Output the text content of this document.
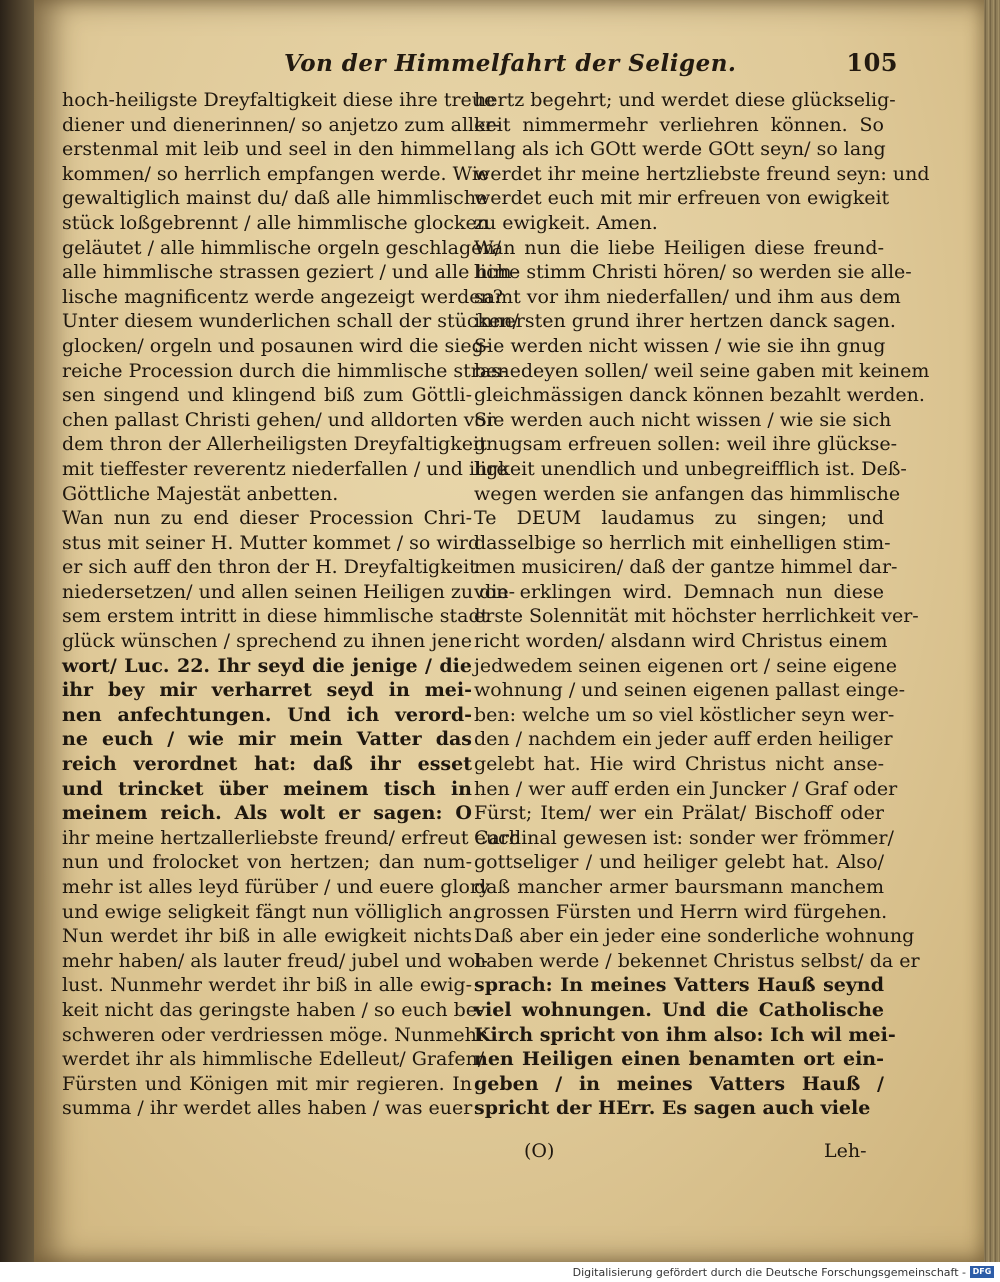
Von der Himmelfahrt der Seligen.	105
hoch-heiligste Dreyfaltigkeit diese ihre treue
diener und dienerinnen/ so anjetzo zum aller-
erstenmal mit leib und seel in den himmel
kommen/ so herrlich empfangen werde. Wie
gewaltiglich mainst du/ daß alle himmlische
stück loßgebrennt / alle himmlische glocken
geläutet / alle himmlische orgeln geschlagen/
alle himmlische strassen geziert / und alle him-
lische magnificentz werde angezeigt werden?
Unter diesem wunderlichen schall der stücken/
glocken/ orgeln und posaunen wird die sieg-
reiche Procession durch die himmlische stras-
sen singend und klingend biß zum Göttli-
chen pallast Christi gehen/ und alldorten vor
dem thron der Allerheiligsten Dreyfaltigkeit
mit tieffester reverentz niederfallen / und ihre
Göttliche Majestät anbetten.
Wan nun zu end dieser Procession Chri-
stus mit seiner H. Mutter kommet / so wird
er sich auff den thron der H. Dreyfaltigkeit
niedersetzen/ und allen seinen Heiligen zu die-
sem erstem intritt in diese himmlische stadt
glück wünschen / sprechend zu ihnen jene
wort/ Luc. 22. Ihr seyd die jenige / die
ihr bey mir verharret seyd in mei-
nen anfechtungen. Und ich verord-
ne euch / wie mir mein Vatter das
reich verordnet hat: daß ihr esset
und trincket über meinem tisch in
meinem reich. Als wolt er sagen: O
ihr meine hertzallerliebste freund/ erfreut euch
nun und frolocket von hertzen; dan num-
mehr ist alles leyd fürüber / und euere glory
und ewige seligkeit fängt nun völliglich an.
Nun werdet ihr biß in alle ewigkeit nichts
mehr haben/ als lauter freud/ jubel und wol-
lust. Nunmehr werdet ihr biß in alle ewig-
keit nicht das geringste haben / so euch be-
schweren oder verdriessen möge. Nunmehr
werdet ihr als himmlische Edelleut/ Grafen/
Fürsten und Königen mit mir regieren. In
summa / ihr werdet alles haben / was euer
hertz begehrt; und werdet diese glückselig-
keit nimmermehr verliehren können. So
lang als ich GOtt werde GOtt seyn/ so lang
werdet ihr meine hertzliebste freund seyn: und
werdet euch mit mir erfreuen von ewigkeit
zu ewigkeit. Amen.
Wan nun die liebe Heiligen diese freund-
liche stimm Christi hören/ so werden sie alle-
samt vor ihm niederfallen/ und ihm aus dem
innersten grund ihrer hertzen danck sagen.
Sie werden nicht wissen / wie sie ihn gnug
benedeyen sollen/ weil seine gaben mit keinem
gleichmässigen danck können bezahlt werden.
Sie werden auch nicht wissen / wie sie sich
gnugsam erfreuen sollen: weil ihre glückse-
ligkeit unendlich und unbegreifflich ist. Deß-
wegen werden sie anfangen das himmlische
Te DEUM laudamus zu singen; und
dasselbige so herrlich mit einhelligen stim-
men musiciren/ daß der gantze himmel dar-
von erklingen wird. Demnach nun diese
erste Solennität mit höchster herrlichkeit ver-
richt worden/ alsdann wird Christus einem
jedwedem seinen eigenen ort / seine eigene
wohnung / und seinen eigenen pallast einge-
ben: welche um so viel köstlicher seyn wer-
den / nachdem ein jeder auff erden heiliger
gelebt hat. Hie wird Christus nicht anse-
hen / wer auff erden ein Juncker / Graf oder
Fürst; Item/ wer ein Prälat/ Bischoff oder
Cardinal gewesen ist: sonder wer frömmer/
gottseliger / und heiliger gelebt hat. Also/
daß mancher armer baursmann manchem
grossen Fürsten und Herrn wird fürgehen.
Daß aber ein jeder eine sonderliche wohnung
haben werde / bekennet Christus selbst/ da er
sprach: In meines Vatters Hauß seynd
viel wohnungen. Und die Catholische
Kirch spricht von ihm also: Ich wil mei-
nen Heiligen einen benamten ort ein-
geben / in meines Vatters Hauß /
spricht der HErr. Es sagen auch viele
(O)	Leh-
Digitalisierung gefördert durch die Deutsche Forschungsgemeinschaft - DFG
